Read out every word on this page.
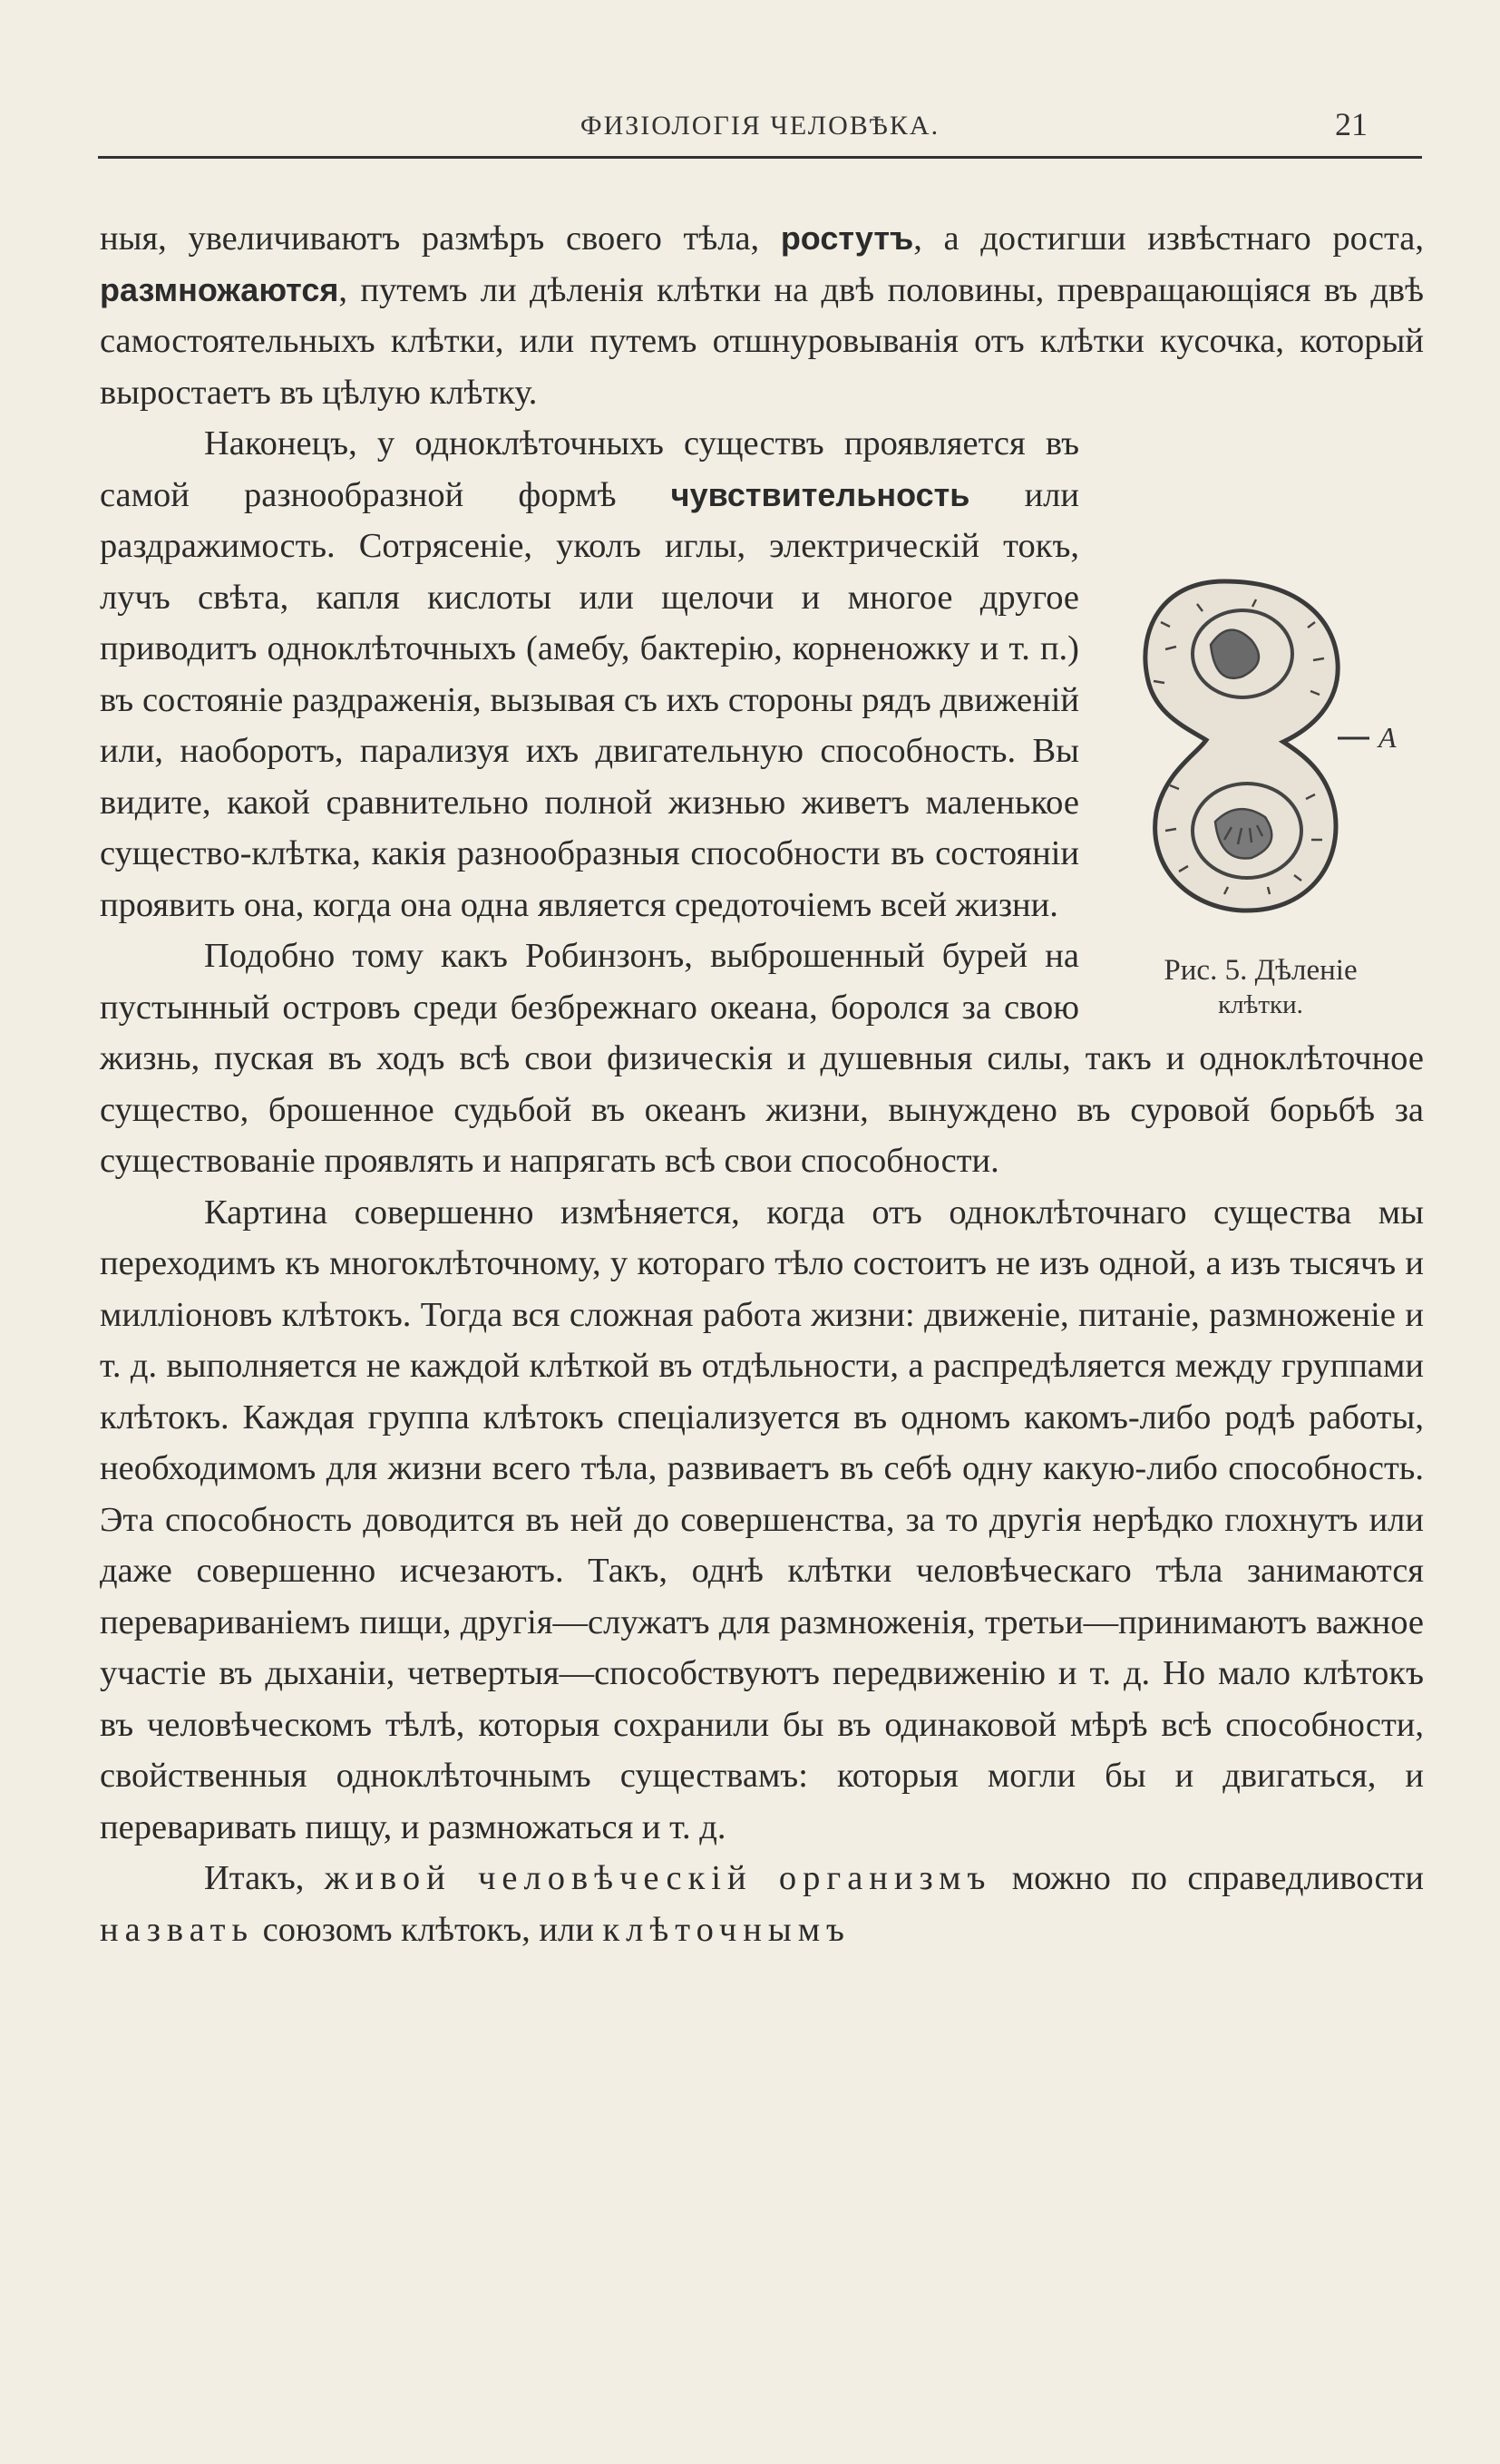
ФИЗІОЛОГІЯ ЧЕЛОВѢКА.	21

ныя, увеличиваютъ размѣръ своего тѣла, ростутъ, а достигши извѣстнаго роста, размножаются, путемъ ли дѣленія клѣтки на двѣ половины, превращающіяся въ двѣ самостоятельныхъ клѣтки, или путемъ отшнуровыванія отъ клѣтки кусочка, который выростаетъ въ цѣлую клѣтку.

А
Рис. 5. Дѣленіе
клѣтки.

Наконецъ, у одноклѣточныхъ существъ проявляется въ самой разнообразной формѣ чувствительность или раздражимость. Сотрясеніе, уколъ иглы, электрическій токъ, лучъ свѣта, капля кислоты или щелочи и многое другое приводитъ одноклѣточныхъ (амебу, бактерію, корненожку и т. п.) въ состояніе раздраженія, вызывая съ ихъ стороны рядъ движеній или, наоборотъ, парализуя ихъ двигательную способность. Вы видите, какой сравнительно полной жизнью живетъ маленькое существо-клѣтка, какія разнообразныя способности въ состояніи проявить она, когда она одна является средоточіемъ всей жизни.

Подобно тому какъ Робинзонъ, выброшенный бурей на пустынный островъ среди безбрежнаго океана, боролся за свою жизнь, пуская въ ходъ всѣ свои физическія и душевныя силы, такъ и одноклѣточное существо, брошенное судьбой въ океанъ жизни, вынуждено въ суровой борьбѣ за существованіе проявлять и напрягать всѣ свои способности.

Картина совершенно измѣняется, когда отъ одноклѣточнаго существа мы переходимъ къ многоклѣточному, у котораго тѣло состоитъ не изъ одной, а изъ тысячъ и милліоновъ клѣтокъ. Тогда вся сложная работа жизни: движеніе, питаніе, размноженіе и т. д. выполняется не каждой клѣткой въ отдѣльности, а распредѣляется между группами клѣтокъ. Каждая группа клѣтокъ спеціализуется въ одномъ какомъ-либо родѣ работы, необходимомъ для жизни всего тѣла, развиваетъ въ себѣ одну какую-либо способность. Эта способность доводится въ ней до совершенства, за то другія нерѣдко глохнутъ или даже совершенно исчезаютъ. Такъ, однѣ клѣтки человѣческаго тѣла занимаются перевариваніемъ пищи, другія—служатъ для размноженія, третьи—принимаютъ важное участіе въ дыханіи, четвертыя—способствуютъ передвиженію и т. д. Но мало клѣтокъ въ человѣческомъ тѣлѣ, которыя сохранили бы въ одинаковой мѣрѣ всѣ способности, свойственныя одноклѣточнымъ существамъ: которыя могли бы и двигаться, и переваривать пищу, и размножаться и т. д.

Итакъ, живой человѣческій организмъ можно по справедливости назвать союзомъ клѣтокъ, или клѣточнымъ
